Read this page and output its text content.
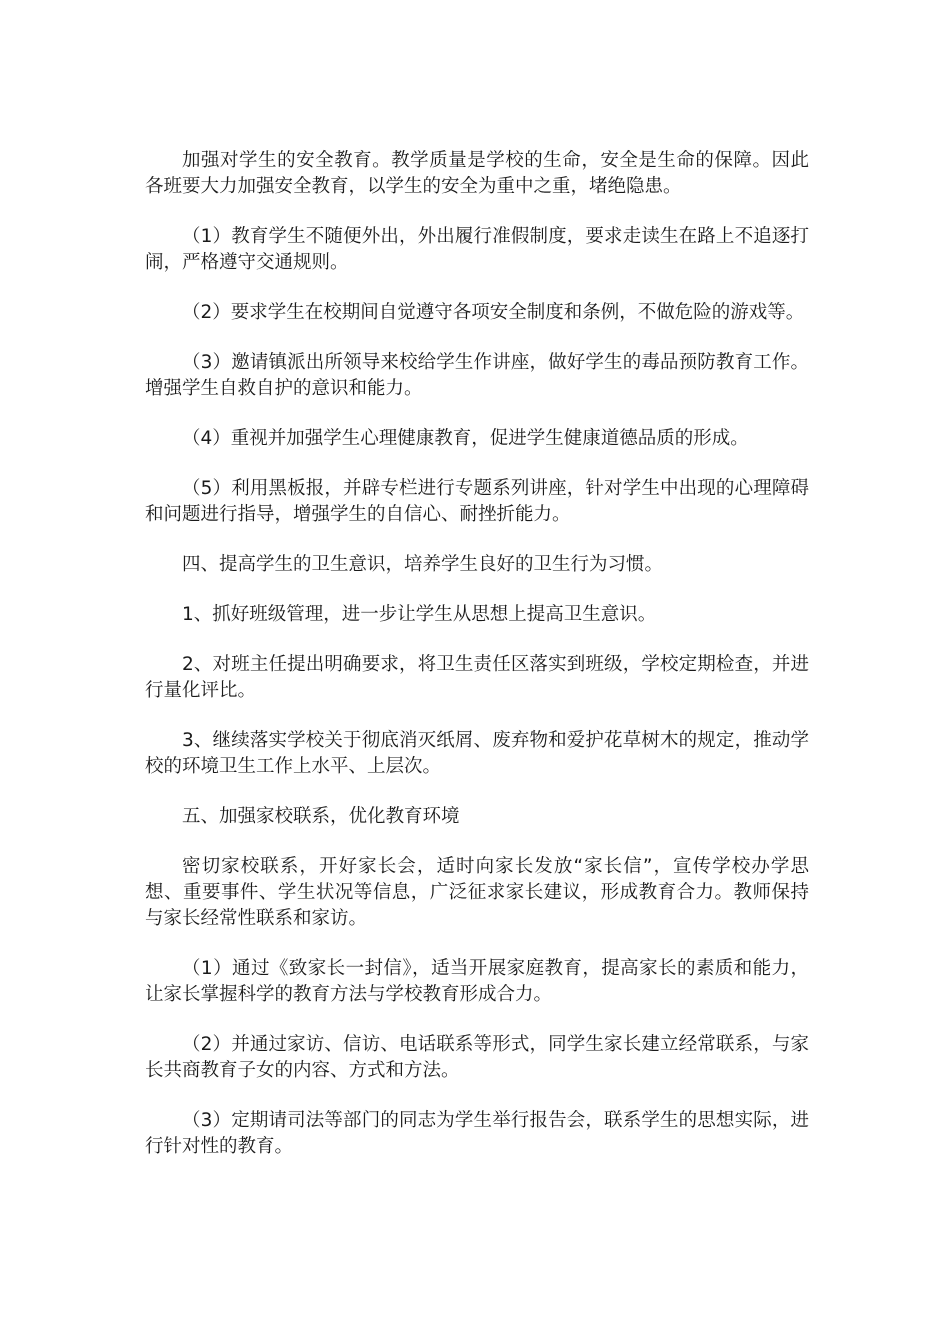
加强对学生的安全教育。教学质量是学校的生命，安全是生命的保障。因此各班要大力加强安全教育，以学生的安全为重中之重，堵绝隐患。

（1）教育学生不随便外出，外出履行准假制度，要求走读生在路上不追逐打闹，严格遵守交通规则。

（2）要求学生在校期间自觉遵守各项安全制度和条例，不做危险的游戏等。

（3）邀请镇派出所领导来校给学生作讲座，做好学生的毒品预防教育工作。增强学生自救自护的意识和能力。

（4）重视并加强学生心理健康教育，促进学生健康道德品质的形成。

（5）利用黑板报，并辟专栏进行专题系列讲座，针对学生中出现的心理障碍和问题进行指导，增强学生的自信心、耐挫折能力。

四、提高学生的卫生意识，培养学生良好的卫生行为习惯。

1、抓好班级管理，进一步让学生从思想上提高卫生意识。

2、对班主任提出明确要求，将卫生责任区落实到班级，学校定期检查，并进行量化评比。

3、继续落实学校关于彻底消灭纸屑、废弃物和爱护花草树木的规定，推动学校的环境卫生工作上水平、上层次。

五、加强家校联系，优化教育环境

密切家校联系，开好家长会，适时向家长发放“家长信”，宣传学校办学思想、重要事件、学生状况等信息，广泛征求家长建议，形成教育合力。教师保持与家长经常性联系和家访。

（1）通过《致家长一封信》，适当开展家庭教育，提高家长的素质和能力，让家长掌握科学的教育方法与学校教育形成合力。

（2）并通过家访、信访、电话联系等形式，同学生家长建立经常联系，与家长共商教育子女的内容、方式和方法。

（3）定期请司法等部门的同志为学生举行报告会，联系学生的思想实际，进行针对性的教育。
